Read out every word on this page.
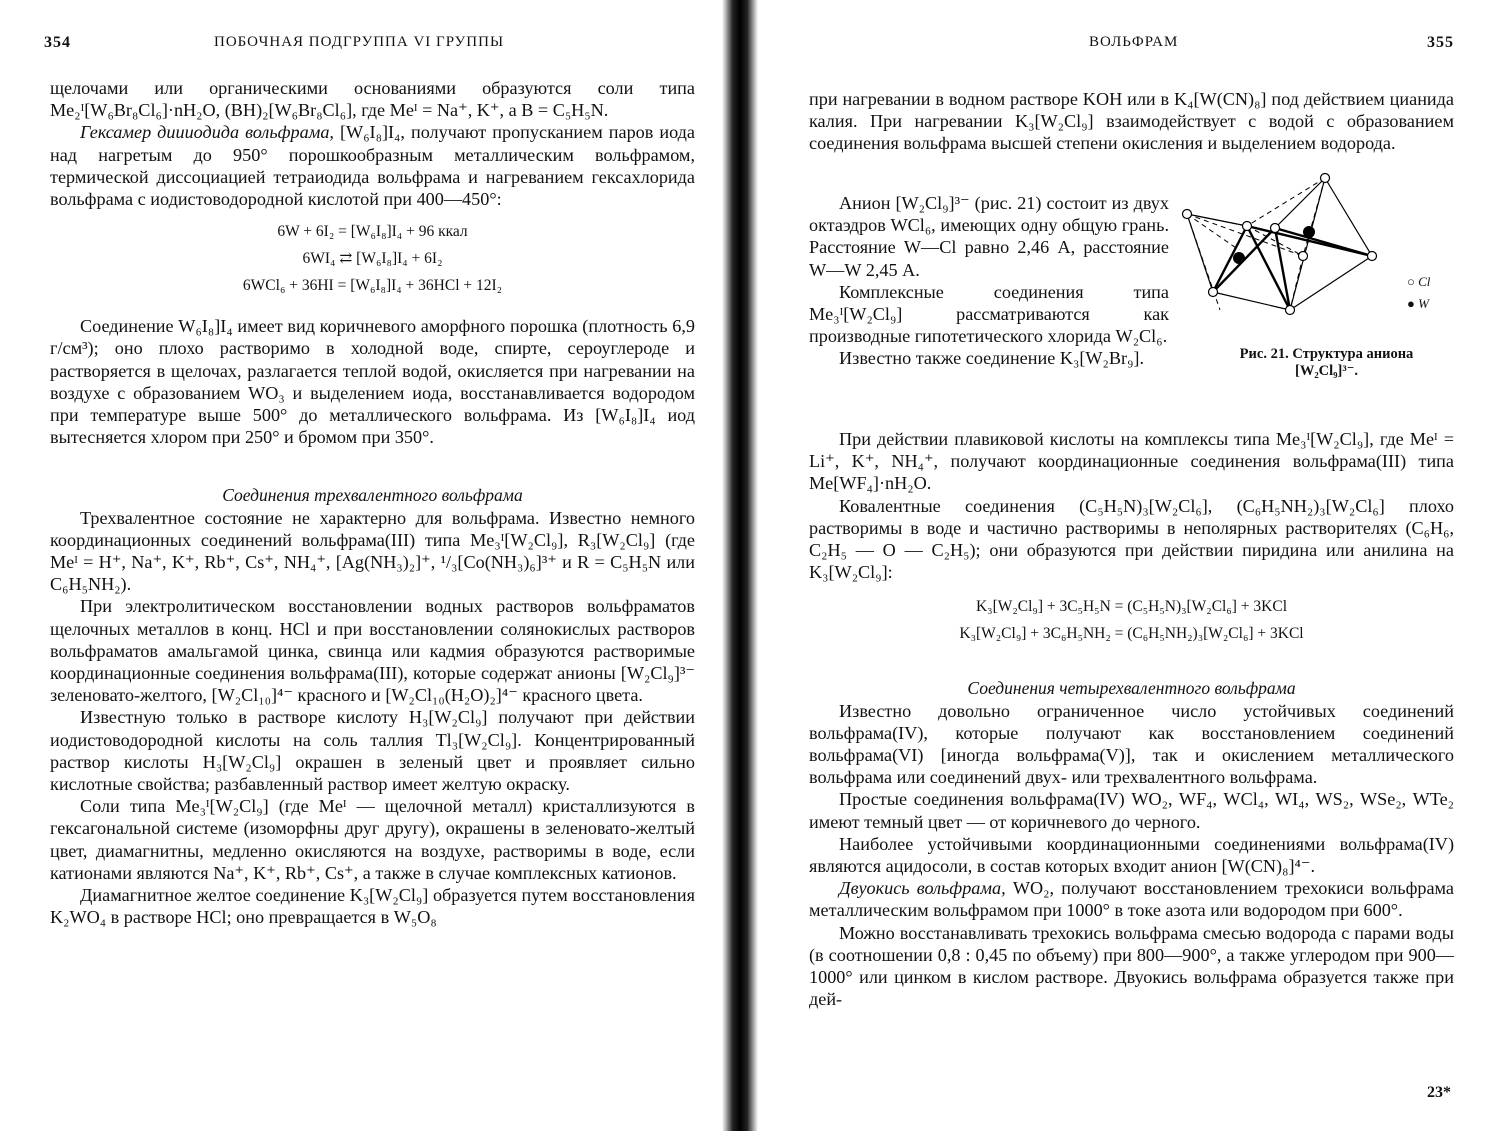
354	ПОБОЧНАЯ ПОДГРУППА VI ГРУППЫ

щелочами или органическими основаниями образуются соли типа Me₂ᴵ[W₆Br₈Cl₆]·nH₂O, (BH)₂[W₆Br₈Cl₆], где Meᴵ = Na⁺, K⁺, а B = C₅H₅N.

Гексамер диииодида вольфрама, [W₆I₈]I₄, получают пропусканием паров иода над нагретым до 950° порошкообразным металлическим вольфрамом, термической диссоциацией тетраиодида вольфрама и нагреванием гексахлорида вольфрама с иодистоводородной кислотой при 400—450°:

6W + 6I₂ = [W₆I₈]I₄ + 96 ккал

6WI₄ ⇄ [W₆I₈]I₄ + 6I₂

6WCl₆ + 36HI = [W₆I₈]I₄ + 36HCl + 12I₂

Соединение W₆I₈]I₄ имеет вид коричневого аморфного порошка (плотность 6,9 г/см³); оно плохо растворимо в холодной воде, спирте, сероуглероде и растворяется в щелочах, разлагается теплой водой, окисляется при нагревании на воздухе с образованием WO₃ и выделением иода, восстанавливается водородом при температуре выше 500° до металлического вольфрама. Из [W₆I₈]I₄ иод вытесняется хлором при 250° и бромом при 350°.

Соединения трехвалентного вольфрама

Трехвалентное состояние не характерно для вольфрама. Известно немного координационных соединений вольфрама(III) типа Me₃ᴵ[W₂Cl₉], R₃[W₂Cl₉] (где Meᴵ = H⁺, Na⁺, K⁺, Rb⁺, Cs⁺, NH₄⁺, [Ag(NH₃)₂]⁺, ¹/₃[Co(NH₃)₆]³⁺ и R = C₅H₅N или C₆H₅NH₂).

При электролитическом восстановлении водных растворов вольфраматов щелочных металлов в конц. HCl и при восстановлении солянокислых растворов вольфраматов амальгамой цинка, свинца или кадмия образуются растворимые координационные соединения вольфрама(III), которые содержат анионы [W₂Cl₉]³⁻ зеленовато-желтого, [W₂Cl₁₀]⁴⁻ красного и [W₂Cl₁₀(H₂O)₂]⁴⁻ красного цвета.

Известную только в растворе кислоту H₃[W₂Cl₉] получают при действии иодистоводородной кислоты на соль таллия Tl₃[W₂Cl₉]. Концентрированный раствор кислоты H₃[W₂Cl₉] окрашен в зеленый цвет и проявляет сильно кислотные свойства; разбавленный раствор имеет желтую окраску.

Соли типа Me₃ᴵ[W₂Cl₉] (где Meᴵ — щелочной металл) кристаллизуются в гексагональной системе (изоморфны друг другу), окрашены в зеленовато-желтый цвет, диамагнитны, медленно окисляются на воздухе, растворимы в воде, если катионами являются Na⁺, K⁺, Rb⁺, Cs⁺, а также в случае комплексных катионов.

Диамагнитное желтое соединение K₃[W₂Cl₉] образуется путем восстановления K₂WO₄ в растворе HCl; оно превращается в W₅O₈

ВОЛЬФРАМ	355

при нагревании в водном растворе KOH или в K₄[W(CN)₈] под действием цианида калия. При нагревании K₃[W₂Cl₉] взаимодействует с водой с образованием соединения вольфрама высшей степени окисления и выделением водорода.

Анион [W₂Cl₉]³⁻ (рис. 21) состоит из двух октаэдров WCl₆, имеющих одну общую грань. Расстояние W—Cl равно 2,46 А, расстояние W—W 2,45 А.

Комплексные соединения типа Me₃ᴵ[W₂Cl₉] рассматриваются как производные гипотетического хлорида W₂Cl₆.

Известно также соединение K₃[W₂Br₉].

○ Cl
● W
Рис. 21. Структура аниона
[W₂Cl₉]³⁻.

При действии плавиковой кислоты на комплексы типа Me₃ᴵ[W₂Cl₉], где Meᴵ = Li⁺, K⁺, NH₄⁺, получают координационные соединения вольфрама(III) типа Me[WF₄]·nH₂O.

Ковалентные соединения (C₅H₅N)₃[W₂Cl₆], (C₆H₅NH₂)₃[W₂Cl₆] плохо растворимы в воде и частично растворимы в неполярных растворителях (C₆H₆, C₂H₅ — O — C₂H₅); они образуются при действии пиридина или анилина на K₃[W₂Cl₉]:

K₃[W₂Cl₉] + 3C₅H₅N = (C₅H₅N)₃[W₂Cl₆] + 3KCl

K₃[W₂Cl₉] + 3C₆H₅NH₂ = (C₆H₅NH₂)₃[W₂Cl₆] + 3KCl

Соединения четырехвалентного вольфрама

Известно довольно ограниченное число устойчивых соединений вольфрама(IV), которые получают как восстановлением соединений вольфрама(VI) [иногда вольфрама(V)], так и окислением металлического вольфрама или соединений двух- или трехвалентного вольфрама.

Простые соединения вольфрама(IV) WO₂, WF₄, WCl₄, WI₄, WS₂, WSe₂, WTe₂ имеют темный цвет — от коричневого до черного.

Наиболее устойчивыми координационными соединениями вольфрама(IV) являются ацидосоли, в состав которых входит анион [W(CN)₈]⁴⁻.

Двуокись вольфрама, WO₂, получают восстановлением трехокиси вольфрама металлическим вольфрамом при 1000° в токе азота или водородом при 600°.

Можно восстанавливать трехокись вольфрама смесью водорода с парами воды (в соотношении 0,8 : 0,45 по объему) при 800—900°, а также углеродом при 900—1000° или цинком в кислом растворе. Двуокись вольфрама образуется также при дей-

23*
